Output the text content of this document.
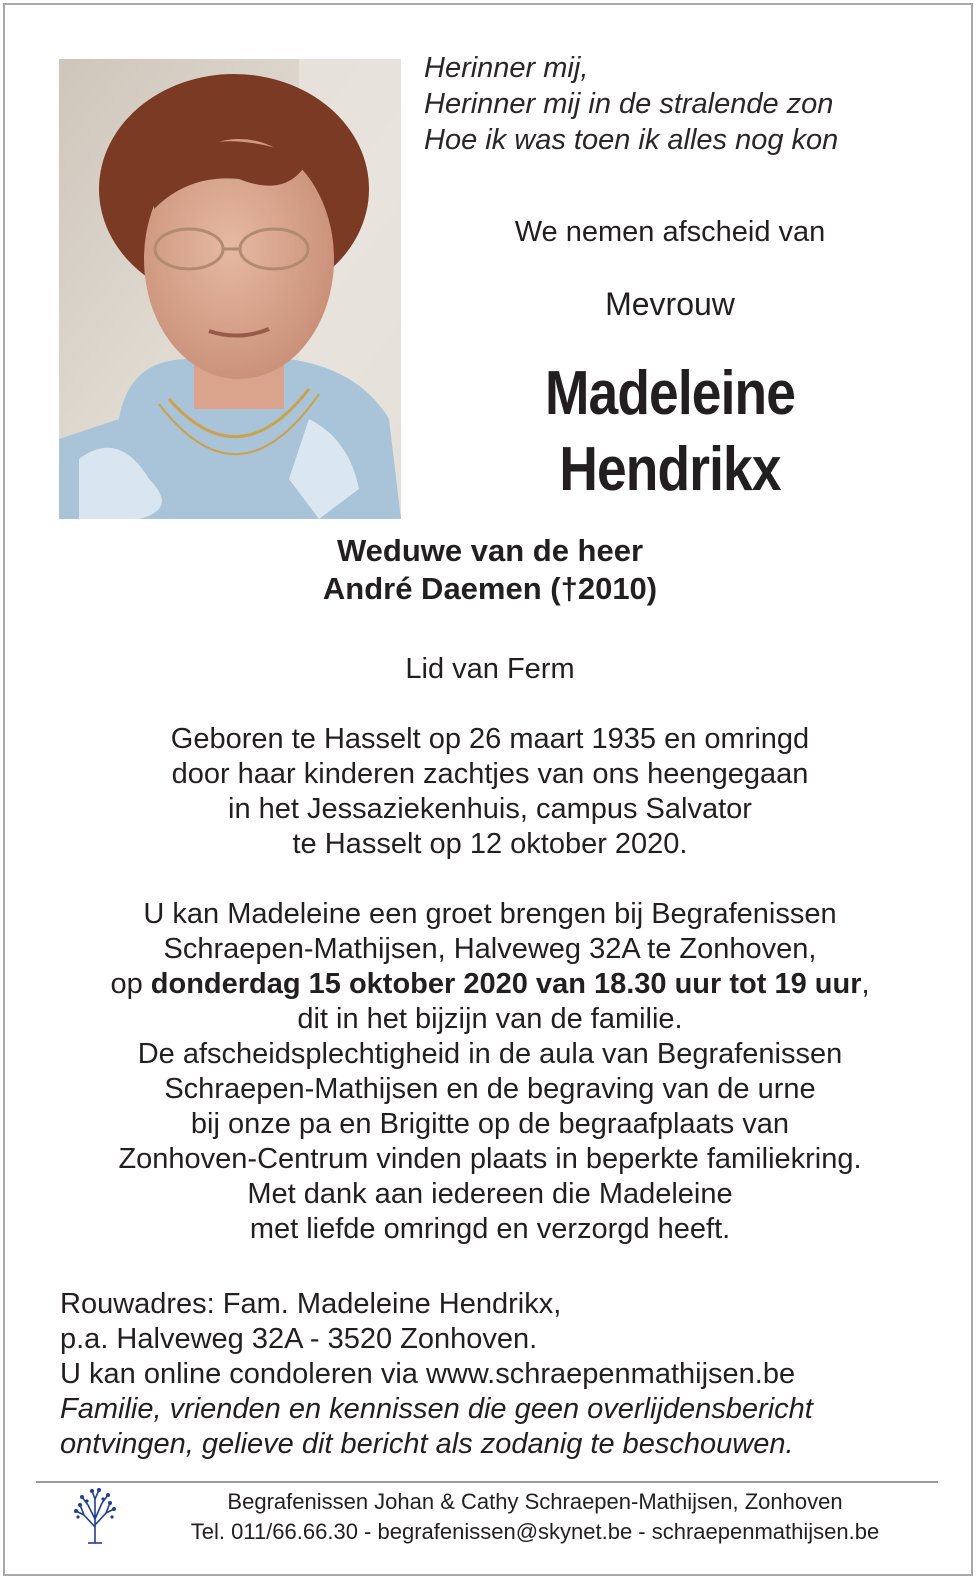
Herinner mij,
Herinner mij in de stralende zon
Hoe ik was toen ik alles nog kon
We nemen afscheid van
Mevrouw
Madeleine
Hendrikx
Weduwe van de heer
André Daemen (†2010)
Lid van Ferm
Geboren te Hasselt op 26 maart 1935 en omringd
door haar kinderen zachtjes van ons heengegaan
in het Jessaziekenhuis, campus Salvator
te Hasselt op 12 oktober 2020.
U kan Madeleine een groet brengen bij Begrafenissen
Schraepen-Mathijsen, Halveweg 32A te Zonhoven,
op donderdag 15 oktober 2020 van 18.30 uur tot 19 uur,
dit in het bijzijn van de familie.
De afscheidsplechtigheid in de aula van Begrafenissen
Schraepen-Mathijsen en de begraving van de urne
bij onze pa en Brigitte op de begraafplaats van
Zonhoven-Centrum vinden plaats in beperkte familiekring.
Met dank aan iedereen die Madeleine
met liefde omringd en verzorgd heeft.
Rouwadres: Fam. Madeleine Hendrikx,
p.a. Halveweg 32A - 3520 Zonhoven.
U kan online condoleren via www.schraepenmathijsen.be
Familie, vrienden en kennissen die geen overlijdensbericht
ontvingen, gelieve dit bericht als zodanig te beschouwen.
Begrafenissen Johan & Cathy Schraepen-Mathijsen, Zonhoven
Tel. 011/66.66.30 - begrafenissen@skynet.be - schraepenmathijsen.be
